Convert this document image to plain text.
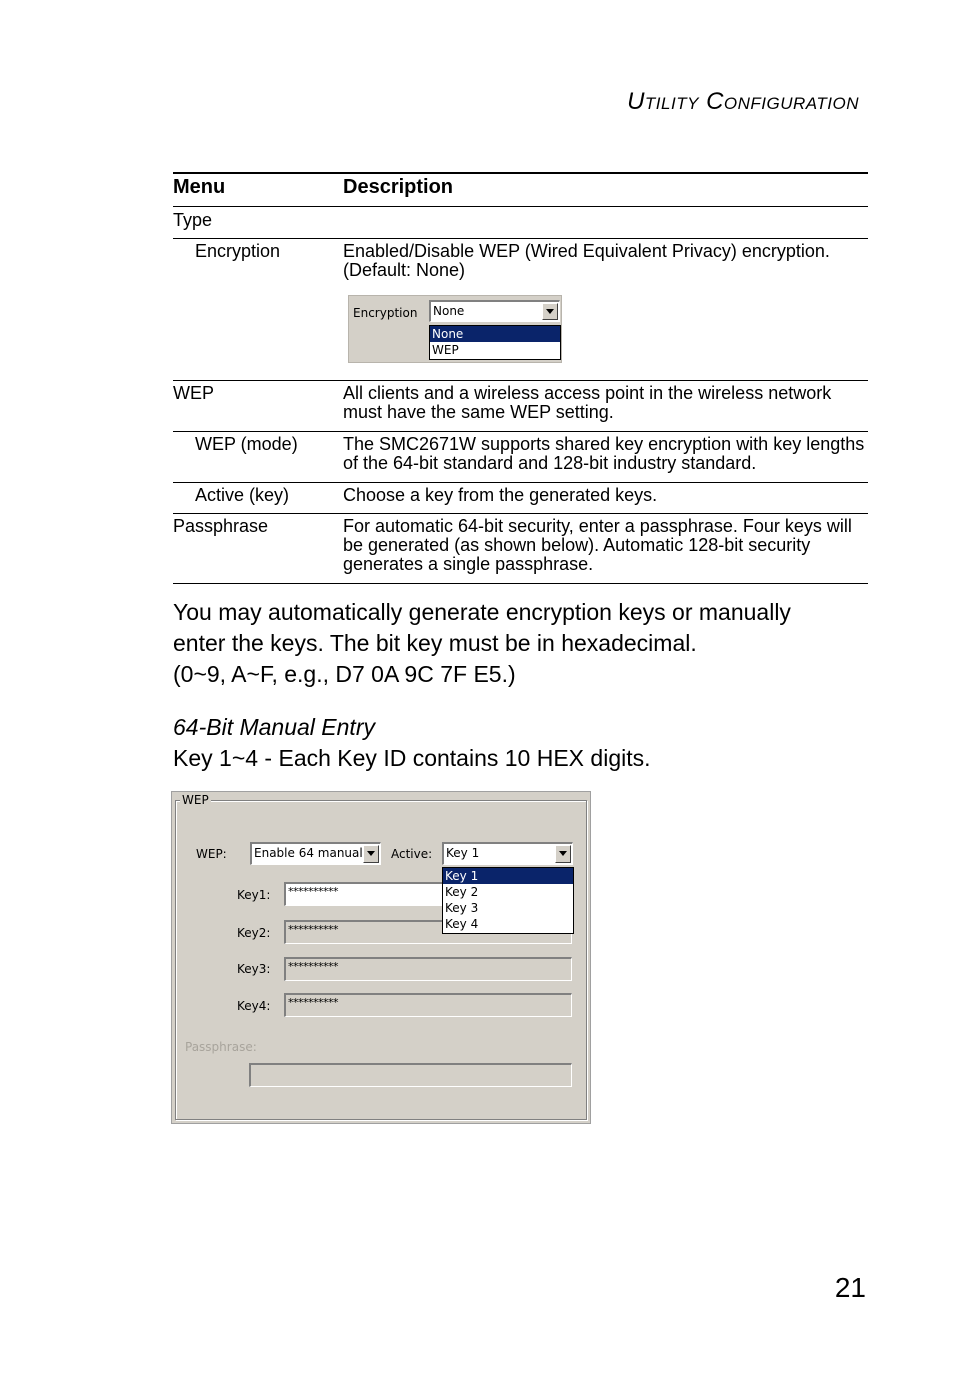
Utility Configuration
Menu	Description
Type
Encryption	Enabled/Disable WEP (Wired Equivalent Privacy) encryption. (Default: None)
Encryption None
None
WEP
WEP	All clients and a wireless access point in the wireless network must have the same WEP setting.
WEP (mode)	The SMC2671W supports shared key encryption with key lengths of the 64-bit standard and 128-bit industry standard.
Active (key)	Choose a key from the generated keys.
Passphrase	For automatic 64-bit security, enter a passphrase. Four keys will be generated (as shown below). Automatic 128-bit security generates a single passphrase.
You may automatically generate encryption keys or manually
enter the keys. The bit key must be in hexadecimal.
(0~9, A~F, e.g., D7 0A 9C 7F E5.)
64-Bit Manual Entry
Key 1~4 - Each Key ID contains 10 HEX digits.
WEP
WEP: Enable 64 manual Active: Key 1
Key1: **********
Key2: **********
Key3: **********
Key4: **********
Passphrase:
Key 1
Key 2
Key 3
Key 4
21
